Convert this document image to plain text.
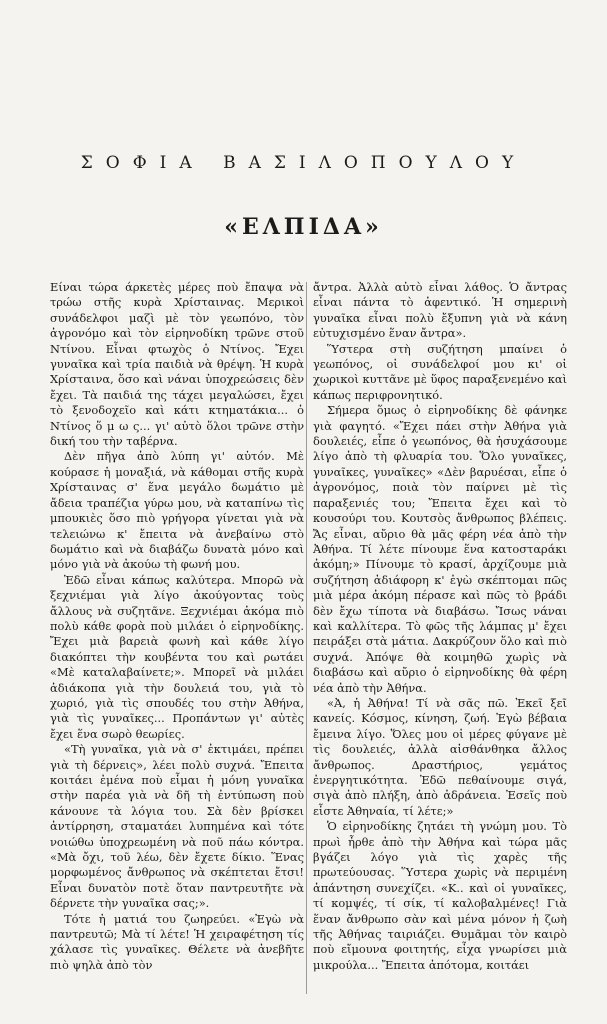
ΣΟΦΙΑ ΒΑΣΙΛΟΠΟΥΛΟΥ
«ΕΛΠΙΔΑ»

Είναι τώρα άρκετὲς μέρες ποὺ ἔπαψα νὰ τρώω στῆς κυρὰ Χρίσταινας. Μερικοὶ συνάδελφοι μαζὶ μὲ τὸν γεωπόνο, τὸν ἀγρονόμο καὶ τὸν εἰρηνοδίκη τρῶνε στοῦ Ντίνου. Εἶναι φτωχὸς ὁ Ντίνος. Ἔχει γυναῖκα καὶ τρία παιδιὰ νὰ θρέψη. Ἡ κυρὰ Χρίσταινα, ὅσο καὶ νάναι ὑποχρεώσεις δὲν ἔχει. Τὰ παιδιά της τάχει μεγαλώσει, ἔχει τὸ ξενοδοχεῖο καὶ κάτι κτηματάκια... ὁ Ντίνος ὅ μ ω ς... γι' αὐτὸ ὅλοι τρῶνε στὴν δική του τὴν ταβέρνα.

Δὲν πῆγα ἀπὸ λύπη γι' αὐτόν. Μὲ κούρασε ἡ μοναξιά, νὰ κάθομαι στῆς κυρὰ Χρίσταινας σ' ἕνα μεγάλο δωμάτιο μὲ ἄδεια τραπέζια γύρω μου, νὰ καταπίνω τὶς μπουκιὲς ὅσο πιὸ γρήγορα γίνεται γιὰ νὰ τελειώνω κ' ἔπειτα νὰ ἀνεβαίνω στὸ δωμάτιο καὶ νὰ διαβάζω δυνατὰ μόνο καὶ μόνο γιὰ νὰ ἀκούω τὴ φωνή μου.

Ἐδῶ εἶναι κάπως καλύτερα. Μπορῶ νὰ ξεχνιέμαι γιὰ λίγο ἀκούγοντας τοὺς ἄλλους νὰ συζητᾶνε. Ξεχνιέμαι ἀκόμα πιὸ πολὺ κάθε φορὰ ποὺ μιλάει ὁ εἰρηνοδίκης. Ἔχει μιὰ βαρειὰ φωνὴ καὶ κάθε λίγο διακόπτει τὴν κουβέντα του καὶ ρωτάει «Μὲ καταλαβαίνετε;». Μπορεῖ νὰ μιλάει ἀδιάκοπα γιὰ τὴν δουλειά του, γιὰ τὸ χωριό, γιὰ τὶς σπουδές του στὴν Ἀθήνα, γιὰ τὶς γυναῖκες... Προπάντων γι' αὐτὲς ἔχει ἕνα σωρὸ θεωρίες.

«Τὴ γυναῖκα, γιὰ νὰ σ' ἐκτιμάει, πρέπει γιὰ τὴ δέρνεις», λέει πολὺ συχνά. Ἔπειτα κοιτάει ἐμένα ποὺ εἶμαι ἡ μόνη γυναῖκα στὴν παρέα γιὰ νὰ δῆ τὴ ἐντύπωση ποὺ κάνουνε τὰ λόγια του. Σὰ δὲν βρίσκει ἀντίρρηση, σταματάει λυπημένα καὶ τότε νοιώθω ὑποχρεωμένη νὰ ποῦ πάω κόντρα. «Μὰ ὄχι, τοῦ λέω, δὲν ἔχετε δίκιο. Ἕνας μορφωμένος ἄνθρωπος νὰ σκέπτεται ἔτσι! Εἶναι δυνατὸν ποτὲ ὅταν παντρευτῆτε νὰ δέρνετε τὴν γυναῖκα σας;».

Τότε ἡ ματιά του ζωηρεύει. «Ἐγὼ νὰ παντρευτῶ; Μὰ τί λέτε! Ἡ χειραφέτηση τίς χάλασε τὶς γυναῖκες. Θέλετε νὰ ἀνεβῆτε πιὸ ψηλὰ ἀπὸ τὸν

ἄντρα. Ἀλλὰ αὐτὸ εἶναι λάθος. Ὁ ἄντρας εἶναι πάντα τὸ ἀφεντικό. Ἡ σημερινὴ γυναῖκα εἶναι πολὺ ἔξυπνη γιὰ νὰ κάνη εὐτυχισμένο ἕναν ἄντρα».

Ὕστερα στὴ συζήτηση μπαίνει ὁ γεωπόνος, οἱ συνάδελφοί μου κι' οἱ χωρικοὶ κυττᾶνε μὲ ὕφος παραξενεμένο καὶ κάπως περιφρονητικό.

Σήμερα ὅμως ὁ εἰρηνοδίκης δὲ φάνηκε γιὰ φαγητό. «Ἔχει πάει στὴν Ἀθήνα γιὰ δουλειές, εἶπε ὁ γεωπόνος, θὰ ἡσυχάσουμε λίγο ἀπὸ τὴ φλυαρία του. Ὅλο γυναῖκες, γυναῖκες, γυναῖκες» «Δὲν βαρυέσαι, εἶπε ὁ ἀγρονόμος, ποιὰ τὸν παίρνει μὲ τὶς παραξενιές του; Ἔπειτα ἔχει καὶ τὸ κουσούρι του. Κουτσὸς ἄνθρωπος βλέπεις. Ἄς εἶναι, αὔριο θὰ μᾶς φέρη νέα ἀπὸ τὴν Ἀθήνα. Τί λέτε πίνουμε ἕνα κατοσταράκι ἀκόμη;» Πίνουμε τὸ κρασί, ἀρχίζουμε μιὰ συζήτηση ἀδιάφορη κ' ἐγὼ σκέπτομαι πῶς μιὰ μέρα ἀκόμη πέρασε καὶ πῶς τὸ βράδι δὲν ἔχω τίποτα νὰ διαβάσω. Ἴσως νάναι καὶ καλλίτερα. Τὸ φῶς τῆς λάμπας μ' ἔχει πειράξει στὰ μάτια. Δακρύζουν ὅλο καὶ πιὸ συχνά. Ἀπόψε θὰ κοιμηθῶ χωρὶς νὰ διαβάσω καὶ αὔριο ὁ εἰρηνοδίκης θὰ φέρη νέα ἀπὸ τὴν Ἀθήνα.

«Ἀ, ἡ Ἀθήνα! Τί νὰ σᾶς πῶ. Ἐκεῖ ξεῖ κανείς. Κόσμος, κίνηση, ζωή. Ἐγὼ βέβαια ἔμεινα λίγο. Ὅλες μου οἱ μέρες φύγανε μὲ τὶς δουλειές, ἀλλὰ αἰσθάνθηκα ἄλλος ἄνθρωπος. Δραστήριος, γεμάτος ἐνεργητικότητα. Ἐδῶ πεθαίνουμε σιγά, σιγὰ ἀπὸ πλήξη, ἀπὸ ἀδράνεια. Ἐσεῖς ποὺ εἶστε Ἀθηναία, τί λέτε;»

Ὁ εἰρηνοδίκης ζητάει τὴ γνώμη μου. Τὸ πρωὶ ἦρθε ἀπὸ τὴν Ἀθήνα καὶ τώρα μᾶς βγάζει λόγο γιὰ τὶς χαρὲς τῆς πρωτεύουσας. Ὕστερα χωρὶς νὰ περιμένη ἀπάντηση συνεχίζει. «Κ.. καὶ οἱ γυναῖκες, τί κομψές, τί σίκ, τί καλοβαλμένες! Γιὰ ἕναν ἄνθρωπο σὰν καὶ μένα μόνον ἡ ζωὴ τῆς Ἀθήνας ταιριάζει. Θυμᾶμαι τὸν καιρὸ ποὺ εἴμουνα φοιτητής, εἶχα γνωρίσει μιὰ μικρούλα... Ἔπειτα ἀπότομα, κοιτάει
